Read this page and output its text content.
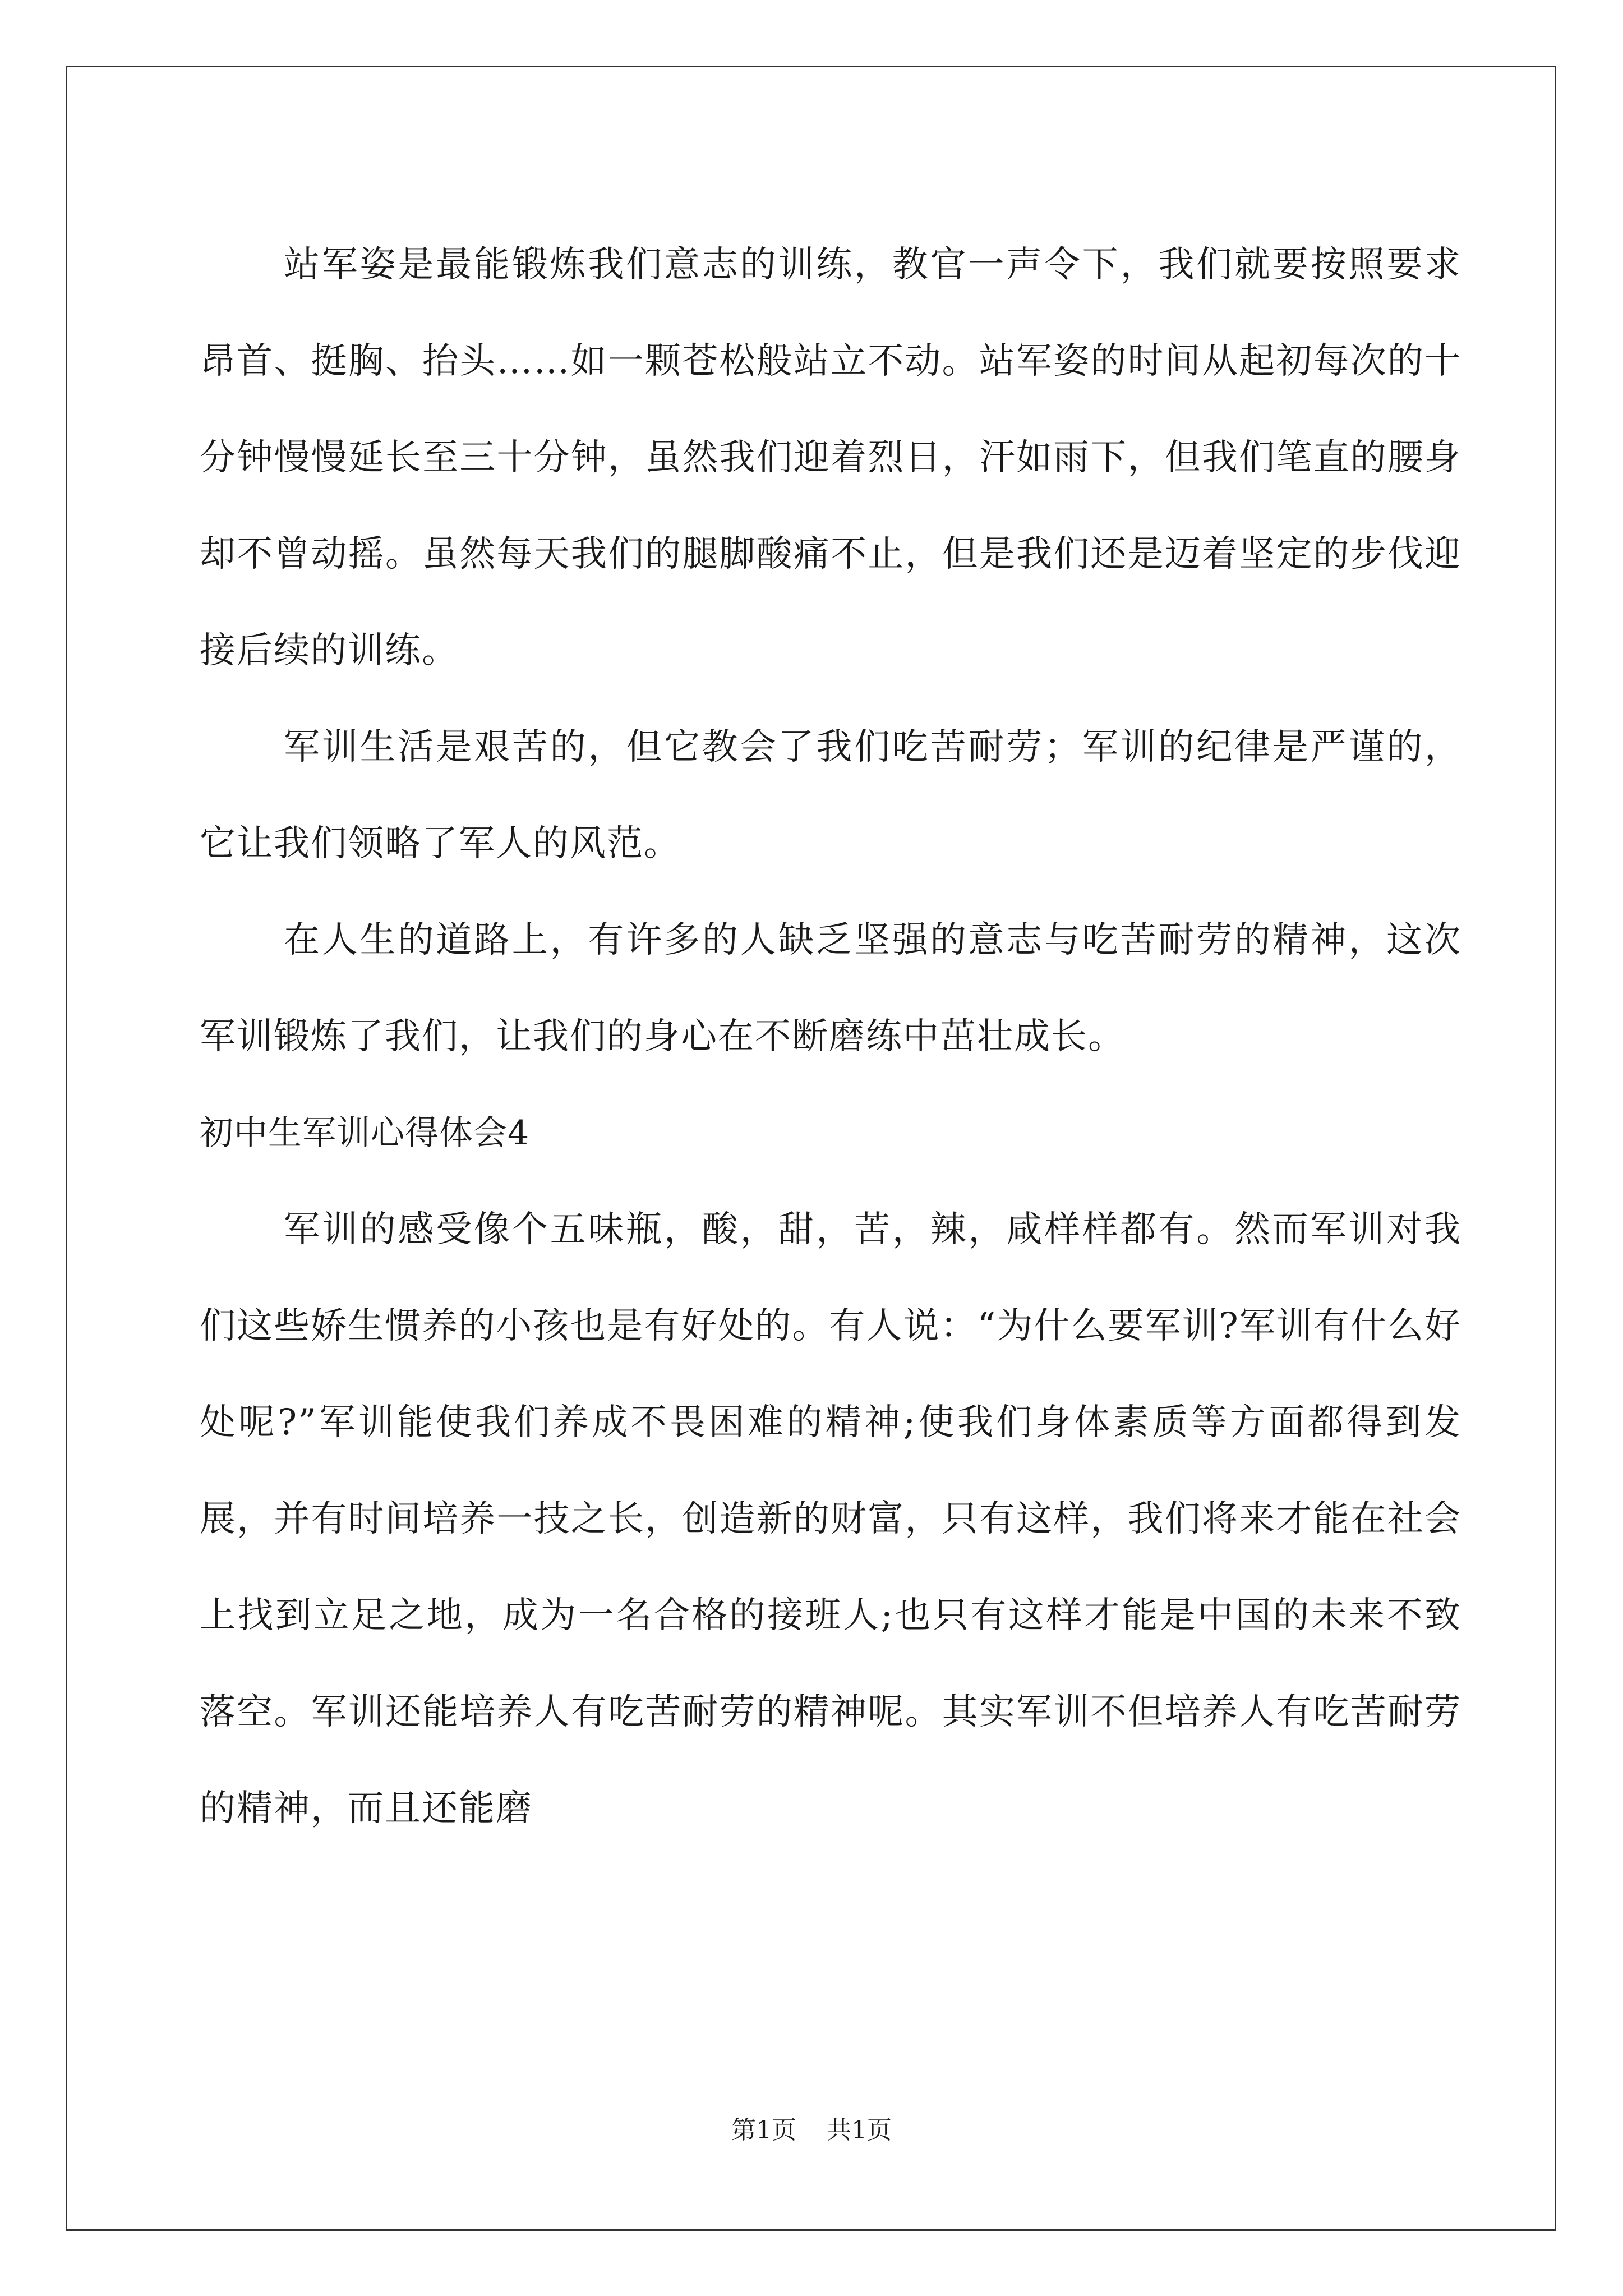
站军姿是最能锻炼我们意志的训练，教官一声令下，我们就要按照要求昂首、挺胸、抬头……如一颗苍松般站立不动。站军姿的时间从起初每次的十分钟慢慢延长至三十分钟，虽然我们迎着烈日，汗如雨下，但我们笔直的腰身却不曾动摇。虽然每天我们的腿脚酸痛不止，但是我们还是迈着坚定的步伐迎接后续的训练。

军训生活是艰苦的，但它教会了我们吃苦耐劳；军训的纪律是严谨的，它让我们领略了军人的风范。

在人生的道路上，有许多的人缺乏坚强的意志与吃苦耐劳的精神，这次军训锻炼了我们，让我们的身心在不断磨练中茁壮成长。

初中生军训心得体会4

军训的感受像个五味瓶，酸，甜，苦，辣，咸样样都有。然而军训对我们这些娇生惯养的小孩也是有好处的。有人说：“为什么要军训?军训有什么好处呢?”军训能使我们养成不畏困难的精神;使我们身体素质等方面都得到发展，并有时间培养一技之长，创造新的财富，只有这样，我们将来才能在社会上找到立足之地，成为一名合格的接班人;也只有这样才能是中国的未来不致落空。军训还能培养人有吃苦耐劳的精神呢。其实军训不但培养人有吃苦耐劳的精神，而且还能磨

第1页 共1页
